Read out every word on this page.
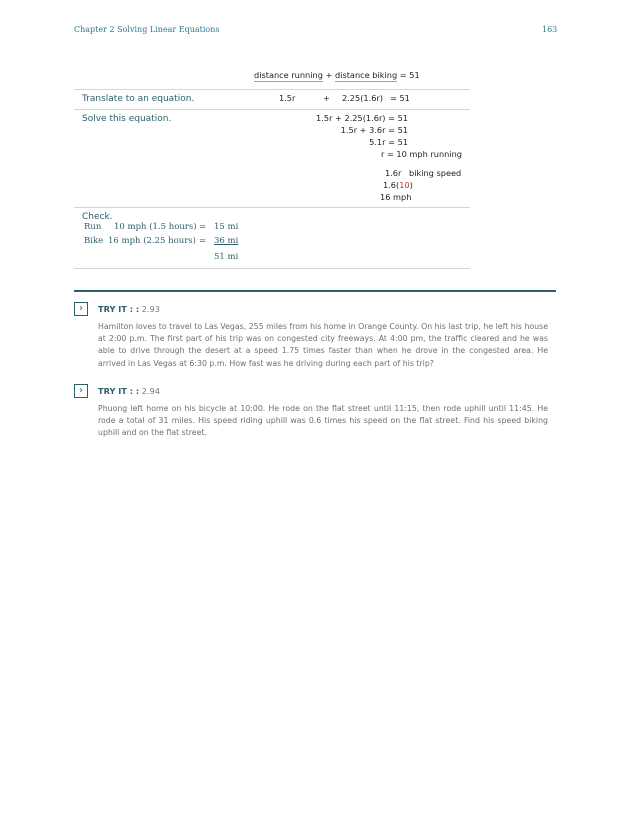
Chapter 2 Solving Linear Equations	163
distance running + distance biking = 51
Translate to an equation.	1.5r	+ 2.25(1.6r) = 51
Solve this equation.	1.5r + 2.25(1.6r) = 51
1.5r + 3.6r = 51
5.1r = 51
r = 10 mph running
1.6r biking speed
1.6(10)
16 mph
Check.
Run 10 mph (1.5 hours) = 15 mi
Bike 16 mph (2.25 hours) = 36 mi
51 mi
›	TRY IT : : 2.93
Hamilton loves to travel to Las Vegas, 255 miles from his home in Orange County. On his last trip, he left his house at 2:00 p.m. The first part of his trip was on congested city freeways. At 4:00 pm, the traffic cleared and he was able to drive through the desert at a speed 1.75 times faster than when he drove in the congested area. He arrived in Las Vegas at 6:30 p.m. How fast was he driving during each part of his trip?
›	TRY IT : : 2.94
Phuong left home on his bicycle at 10:00. He rode on the flat street until 11:15, then rode uphill until 11:45. He rode a total of 31 miles. His speed riding uphill was 0.6 times his speed on the flat street. Find his speed biking uphill and on the flat street.
